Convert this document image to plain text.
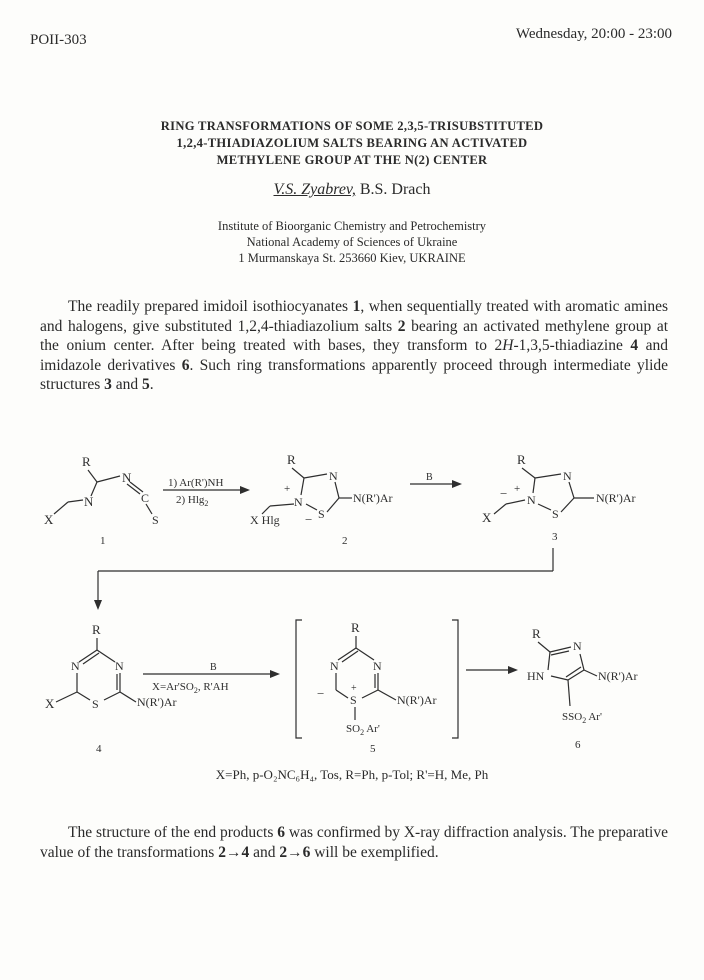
POII-303	Wednesday, 20:00 - 23:00
RING TRANSFORMATIONS OF SOME 2,3,5-TRISUBSTITUTED
1,2,4-THIADIAZOLIUM SALTS BEARING AN ACTIVATED
METHYLENE GROUP AT THE N(2) CENTER
V.S. Zyabrev, B.S. Drach
Institute of Bioorganic Chemistry and Petrochemistry
National Academy of Sciences of Ukraine
1 Murmanskaya St. 253660 Kiev, UKRAINE
The readily prepared imidoil isothiocyanates 1, when sequentially treated with aromatic amines and halogens, give substituted 1,2,4-thiadiazolium salts 2 bearing an activated methylene group at the onium center. After being treated with bases, they transform to 2H-1,3,5-thiadiazine 4 and imidazole derivatives 6. Such ring transformations apparently proceed through intermediate ylide structures 3 and 5.
R
N
N
C
S
X
1
1) Ar(R')NH
2) Hlg$_2$
R
N
+
N
S
−
N(R')Ar
X Hlg
2
B
R
N
+
− N
S
N(R')Ar
X
3
R
N	N
S
X	N(R')Ar
4
B
$X=Ar'SO_2$, R'AH
R
N	N
− S
+
N(R')Ar
$SO_2$ Ar'
5
R
N
HN	N(R')Ar
$SSO_2$ Ar'
6
X=Ph, p-O₂NC₆H₄, Tos, R=Ph, p-Tol; R'=H, Me, Ph
The structure of the end products 6 was confirmed by X-ray diffraction analysis. The preparative value of the transformations 2→4 and 2→6 will be exemplified.
